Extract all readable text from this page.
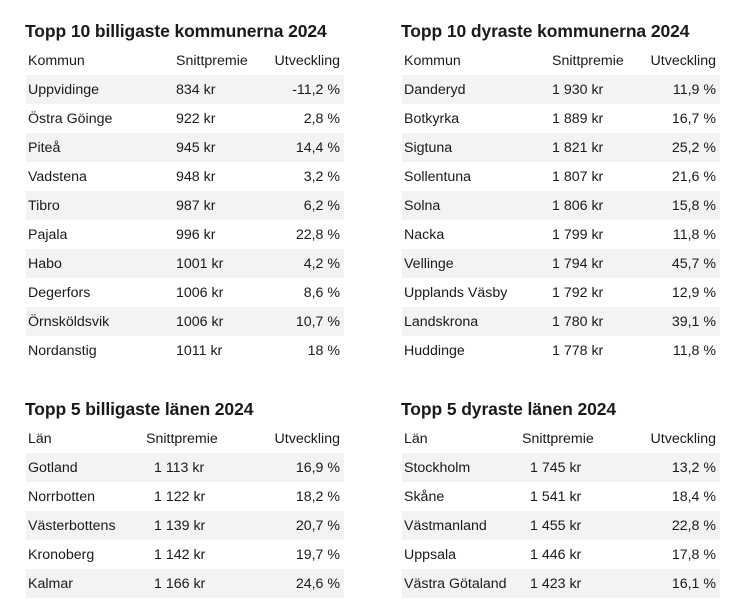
Topp 10 billigaste kommunerna 2024
Kommun	Snittpremie	Utveckling
Uppvidinge	834 kr	-11,2 %
Östra Göinge	922 kr	2,8 %
Piteå	945 kr	14,4 %
Vadstena	948 kr	3,2 %
Tibro	987 kr	6,2 %
Pajala	996 kr	22,8 %
Habo	1001 kr	4,2 %
Degerfors	1006 kr	8,6 %
Örnsköldsvik	1006 kr	10,7 %
Nordanstig	1011 kr	18 %
Topp 10 dyraste kommunerna 2024
Kommun	Snittpremie	Utveckling
Danderyd	1 930 kr	11,9 %
Botkyrka	1 889 kr	16,7 %
Sigtuna	1 821 kr	25,2 %
Sollentuna	1 807 kr	21,6 %
Solna	1 806 kr	15,8 %
Nacka	1 799 kr	11,8 %
Vellinge	1 794 kr	45,7 %
Upplands Väsby	1 792 kr	12,9 %
Landskrona	1 780 kr	39,1 %
Huddinge	1 778 kr	11,8 %
Topp 5 billigaste länen 2024
Län	Snittpremie	Utveckling
Gotland	1 113 kr	16,9 %
Norrbotten	1 122 kr	18,2 %
Västerbottens	1 139 kr	20,7 %
Kronoberg	1 142 kr	19,7 %
Kalmar	1 166 kr	24,6 %
Topp 5 dyraste länen 2024
Län	Snittpremie	Utveckling
Stockholm	1 745 kr	13,2 %
Skåne	1 541 kr	18,4 %
Västmanland	1 455 kr	22,8 %
Uppsala	1 446 kr	17,8 %
Västra Götaland	1 423 kr	16,1 %
